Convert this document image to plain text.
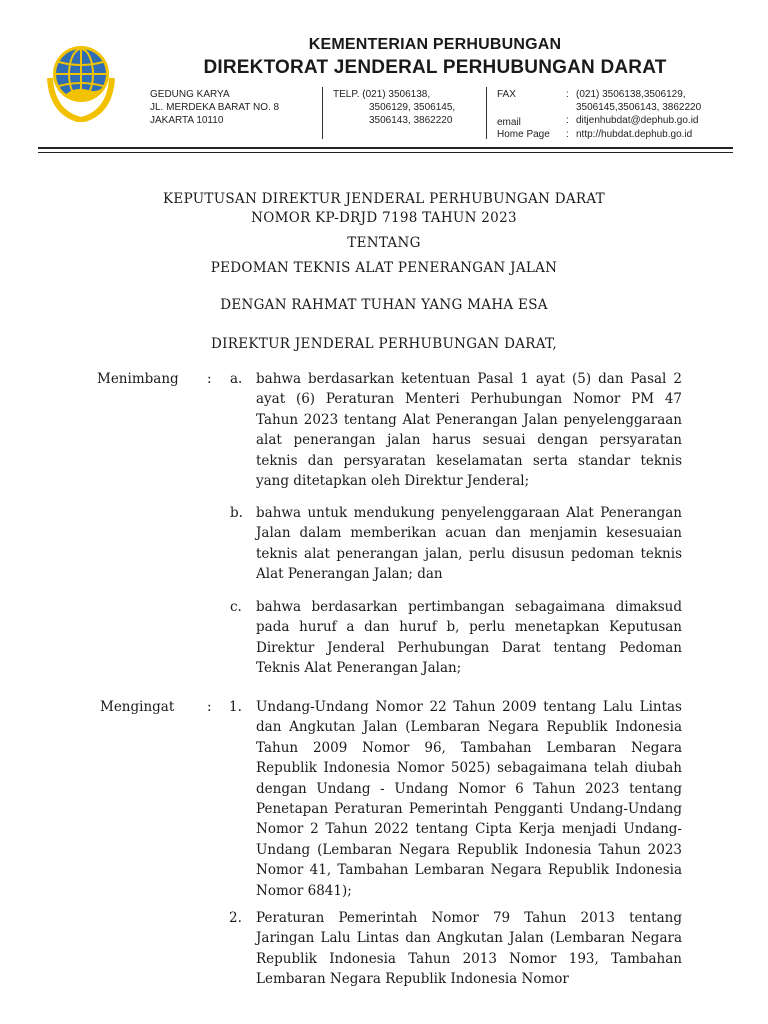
KEMENTERIAN PERHUBUNGAN
DIREKTORAT JENDERAL PERHUBUNGAN DARAT
GEDUNG KARYA
JL. MERDEKA BARAT NO. 8
JAKARTA 10110
TELP. (021) 3506138,
3506129, 3506145,
3506143, 3862220
FAX	: (021) 3506138,3506129,
3506145,3506143, 3862220
email	: ditjenhubdat@dephub.go.id
Home Page : nttp://hubdat.dephub.go.id
KEPUTUSAN DIREKTUR JENDERAL PERHUBUNGAN DARAT
NOMOR KP-DRJD 7198 TAHUN 2023
TENTANG
PEDOMAN TEKNIS ALAT PENERANGAN JALAN
DENGAN RAHMAT TUHAN YANG MAHA ESA
DIREKTUR JENDERAL PERHUBUNGAN DARAT,
Menimbang : a. bahwa berdasarkan ketentuan Pasal 1 ayat (5) dan Pasal 2 ayat (6) Peraturan Menteri Perhubungan Nomor PM 47 Tahun 2023 tentang Alat Penerangan Jalan penyelenggaraan alat penerangan jalan harus sesuai dengan persyaratan teknis dan persyaratan keselamatan serta standar teknis yang ditetapkan oleh Direktur Jenderal;

b. bahwa untuk mendukung penyelenggaraan Alat Penerangan Jalan dalam memberikan acuan dan menjamin kesesuaian teknis alat penerangan jalan, perlu disusun pedoman teknis Alat Penerangan Jalan; dan

c. bahwa berdasarkan pertimbangan sebagaimana dimaksud pada huruf a dan huruf b, perlu menetapkan Keputusan Direktur Jenderal Perhubungan Darat tentang Pedoman Teknis Alat Penerangan Jalan;

Mengingat : 1. Undang-Undang Nomor 22 Tahun 2009 tentang Lalu Lintas dan Angkutan Jalan (Lembaran Negara Republik Indonesia Tahun 2009 Nomor 96, Tambahan Lembaran Negara Republik Indonesia Nomor 5025) sebagaimana telah diubah dengan Undang - Undang Nomor 6 Tahun 2023 tentang Penetapan Peraturan Pemerintah Pengganti Undang-Undang Nomor 2 Tahun 2022 tentang Cipta Kerja menjadi Undang-Undang (Lembaran Negara Republik Indonesia Tahun 2023 Nomor 41, Tambahan Lembaran Negara Republik Indonesia Nomor 6841);

2. Peraturan Pemerintah Nomor 79 Tahun 2013 tentang Jaringan Lalu Lintas dan Angkutan Jalan (Lembaran Negara Republik Indonesia Tahun 2013 Nomor 193, Tambahan Lembaran Negara Republik Indonesia Nomor
